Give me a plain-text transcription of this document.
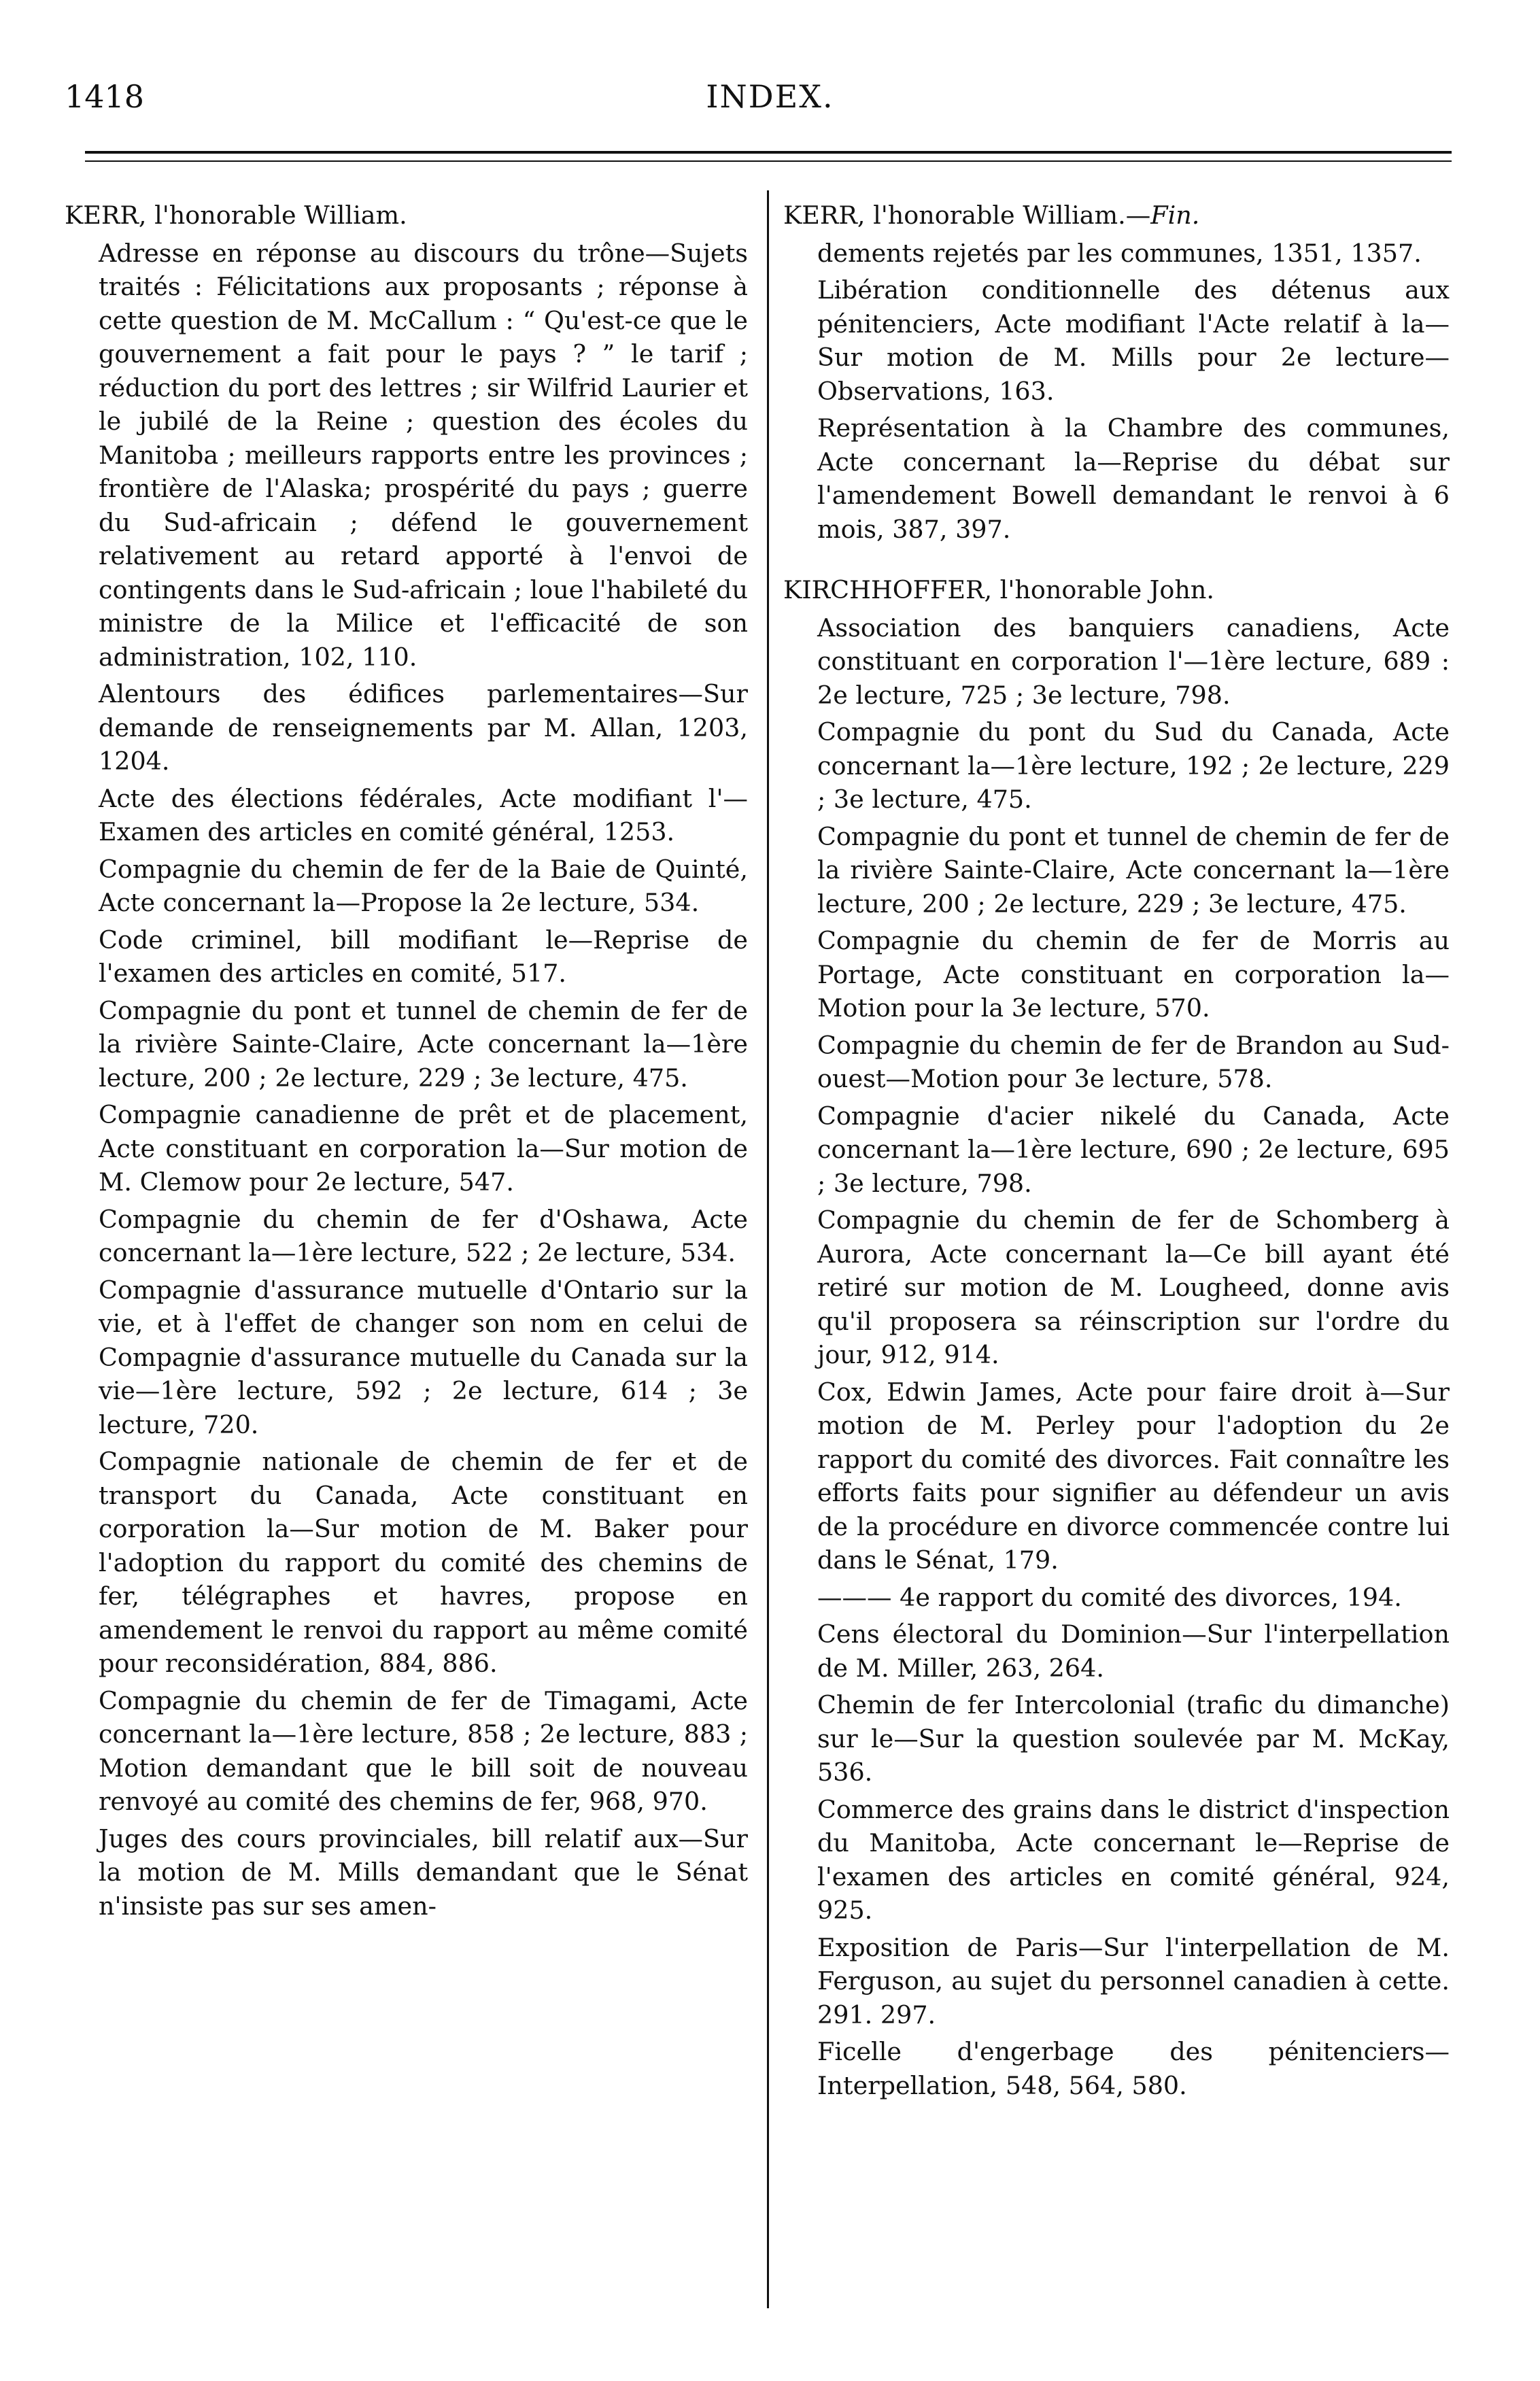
1418	INDEX.
KERR, l'honorable William.

Adresse en réponse au discours du trône—Sujets traités : Félicitations aux proposants ; réponse à cette question de M. McCallum : “ Qu'est-ce que le gouvernement a fait pour le pays ? ” le tarif ; réduction du port des lettres ; sir Wilfrid Laurier et le jubilé de la Reine ; question des écoles du Manitoba ; meilleurs rapports entre les provinces ; frontière de l'Alaska; prospérité du pays ; guerre du Sud-africain ; défend le gouvernement relativement au retard apporté à l'envoi de contingents dans le Sud-africain ; loue l'habileté du ministre de la Milice et l'efficacité de son administration, 102, 110.

Alentours des édifices parlementaires—Sur demande de renseignements par M. Allan, 1203, 1204.

Acte des élections fédérales, Acte modifiant l'—Examen des articles en comité général, 1253.

Compagnie du chemin de fer de la Baie de Quinté, Acte concernant la—Propose la 2e lecture, 534.

Code criminel, bill modifiant le—Reprise de l'examen des articles en comité, 517.

Compagnie du pont et tunnel de chemin de fer de la rivière Sainte-Claire, Acte concernant la—1ère lecture, 200 ; 2e lecture, 229 ; 3e lecture, 475.

Compagnie canadienne de prêt et de placement, Acte constituant en corporation la—Sur motion de M. Clemow pour 2e lecture, 547.

Compagnie du chemin de fer d'Oshawa, Acte concernant la—1ère lecture, 522 ; 2e lecture, 534.

Compagnie d'assurance mutuelle d'Ontario sur la vie, et à l'effet de changer son nom en celui de Compagnie d'assurance mutuelle du Canada sur la vie—1ère lecture, 592 ; 2e lecture, 614 ; 3e lecture, 720.

Compagnie nationale de chemin de fer et de transport du Canada, Acte constituant en corporation la—Sur motion de M. Baker pour l'adoption du rapport du comité des chemins de fer, télégraphes et havres, propose en amendement le renvoi du rapport au même comité pour reconsidération, 884, 886.

Compagnie du chemin de fer de Timagami, Acte concernant la—1ère lecture, 858 ; 2e lecture, 883 ; Motion demandant que le bill soit de nouveau renvoyé au comité des chemins de fer, 968, 970.

Juges des cours provinciales, bill relatif aux—Sur la motion de M. Mills demandant que le Sénat n'insiste pas sur ses amen-

KERR, l'honorable William.—Fin.

dements rejetés par les communes, 1351, 1357.

Libération conditionnelle des détenus aux pénitenciers, Acte modifiant l'Acte relatif à la—Sur motion de M. Mills pour 2e lecture—Observations, 163.

Représentation à la Chambre des communes, Acte concernant la—Reprise du débat sur l'amendement Bowell demandant le renvoi à 6 mois, 387, 397.

KIRCHHOFFER, l'honorable John.

Association des banquiers canadiens, Acte constituant en corporation l'—1ère lecture, 689 : 2e lecture, 725 ; 3e lecture, 798.

Compagnie du pont du Sud du Canada, Acte concernant la—1ère lecture, 192 ; 2e lecture, 229 ; 3e lecture, 475.

Compagnie du pont et tunnel de chemin de fer de la rivière Sainte-Claire, Acte concernant la—1ère lecture, 200 ; 2e lecture, 229 ; 3e lecture, 475.

Compagnie du chemin de fer de Morris au Portage, Acte constituant en corporation la—Motion pour la 3e lecture, 570.

Compagnie du chemin de fer de Brandon au Sud-ouest—Motion pour 3e lecture, 578.

Compagnie d'acier nikelé du Canada, Acte concernant la—1ère lecture, 690 ; 2e lecture, 695 ; 3e lecture, 798.

Compagnie du chemin de fer de Schomberg à Aurora, Acte concernant la—Ce bill ayant été retiré sur motion de M. Lougheed, donne avis qu'il proposera sa réinscription sur l'ordre du jour, 912, 914.

Cox, Edwin James, Acte pour faire droit à—Sur motion de M. Perley pour l'adoption du 2e rapport du comité des divorces. Fait connaître les efforts faits pour signifier au défendeur un avis de la procédure en divorce commencée contre lui dans le Sénat, 179.

——— 4e rapport du comité des divorces, 194.

Cens électoral du Dominion—Sur l'interpellation de M. Miller, 263, 264.

Chemin de fer Intercolonial (trafic du dimanche) sur le—Sur la question soulevée par M. McKay, 536.

Commerce des grains dans le district d'inspection du Manitoba, Acte concernant le—Reprise de l'examen des articles en comité général, 924, 925.

Exposition de Paris—Sur l'interpellation de M. Ferguson, au sujet du personnel canadien à cette. 291. 297.

Ficelle d'engerbage des pénitenciers—Interpellation, 548, 564, 580.
